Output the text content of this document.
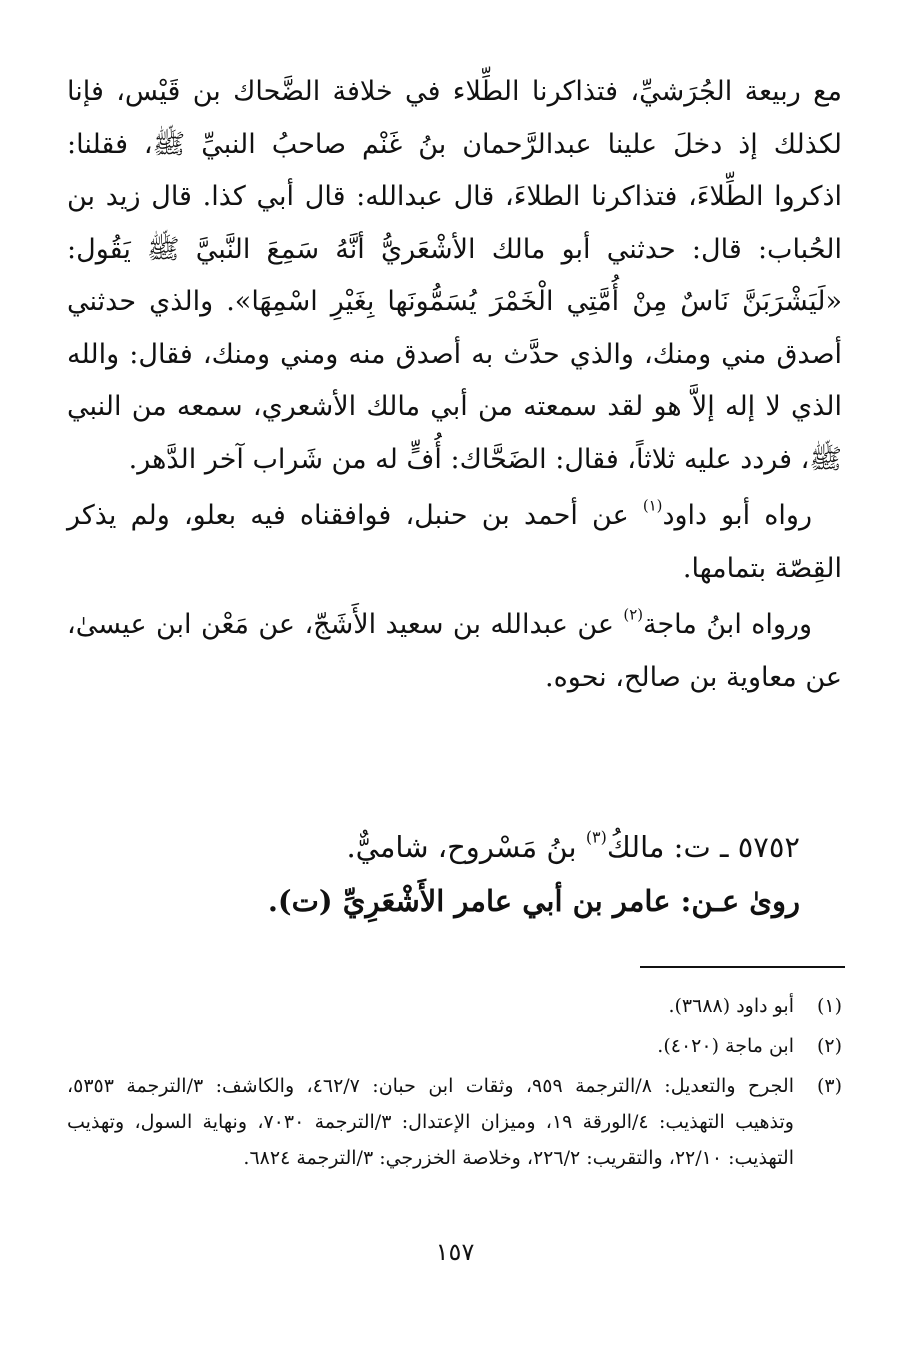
مع ربيعة الجُرَشيِّ، فتذاكرنا الطِّلاء في خلافة الضَّحاك بن قَيْس، فإنا لكذلك إذ دخلَ علينا عبدالرَّحمان بنُ غَنْم صاحبُ النبيِّ ﷺ، فقلنا: اذكروا الطِّلاءَ، فتذاكرنا الطلاءَ، قال عبدالله: قال أبي كذا. قال زيد بن الحُباب: قال: حدثني أبو مالك الأشْعَريُّ أنَّهُ سَمِعَ النَّبيَّ ﷺ يَقُول: «لَيَشْرَبَنَّ نَاسٌ مِنْ أُمَّتِي الْخَمْرَ يُسَمُّونَها بِغَيْرِ اسْمِهَا». والذي حدثني أصدق مني ومنك، والذي حدَّث به أصدق منه ومني ومنك، فقال: والله الذي لا إله إلاَّ هو لقد سمعته من أبي مالك الأشعري، سمعه من النبي ﷺ، فردد عليه ثلاثاً، فقال: الضَحَّاك: أُفٍّ له من شَراب آخر الدَّهر.

رواه أبو داود$^{(١)}$ عن أحمد بن حنبل، فوافقناه فيه بعلو، ولم يذكر القِصّة بتمامها.

ورواه ابنُ ماجة$^{(٢)}$ عن عبدالله بن سعيد الأَشَجّ، عن مَعْن ابن عيسىٰ، عن معاوية بن صالح، نحوه.

٥٧٥٢ ـ ت: مالكُ$^{(٣)}$ بنُ مَسْروح، شاميٌّ.
روىٰ عـن: عامر بن أبي عامر الأَشْعَرِيِّ (ت).
(١)
أبو داود (٣٦٨٨).
(٢)
ابن ماجة (٤٠٢٠).
(٣)
الجرح والتعديل: ٨/الترجمة ٩٥٩، وثقات ابن حبان: ٤٦٢/٧، والكاشف: ٣/الترجمة ٥٣٥٣، وتذهيب التهذيب: ٤/الورقة ١٩، وميزان الإعتدال: ٣/الترجمة ٧٠٣٠، ونهاية السول، وتهذيب التهذيب: ٢٢/١٠، والتقريب: ٢٢٦/٢، وخلاصة الخزرجي: ٣/الترجمة ٦٨٢٤.
١٥٧
